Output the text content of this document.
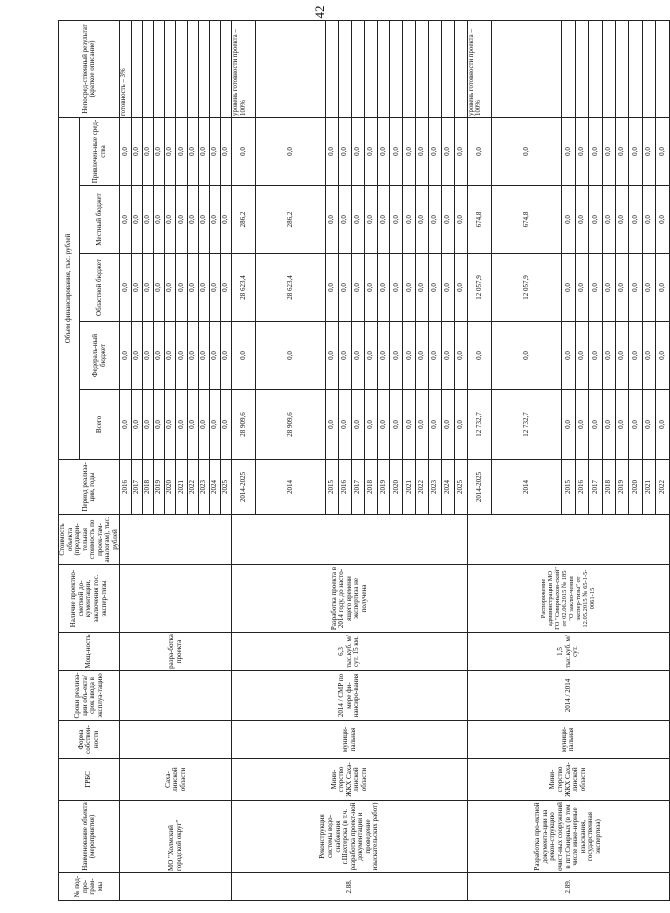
42
№ под-про-грам-мы	Наименование объекта (мероприятия)	ГРБС	Форма собствен-ности	Сроки реализа-ции объ-екта/срок ввода в эксплуа-тацию	Мощ-ность	Наличие проектно-сметной до-кументации, заключения гос. экспер-тизы	Стоимость объекта (предвари-тельная стоимость по проек-там-аналогам), тыс. рублей	Период реализа-ции, годы	Объем финансирования, тыс. рублей					Непосред-ственный результат (краткое описание)
									Всего	Федераль-ный бюджет	Областной бюджет	Местный бюджет	Привлечен-ные сред-ства	
	МО "Холмский городской округ"	Саха-линской области			разра-ботка проекта			2016	0,0	0,0	0,0	0,0	0,0	готовность – 3%
								2017	0,0	0,0	0,0	0,0	0,0	
								2018	0,0	0,0	0,0	0,0	0,0	
								2019	0,0	0,0	0,0	0,0	0,0	
								2020	0,0	0,0	0,0	0,0	0,0	
								2021	0,0	0,0	0,0	0,0	0,0	
								2022	0,0	0,0	0,0	0,0	0,0	
								2023	0,0	0,0	0,0	0,0	0,0	
								2024	0,0	0,0	0,0	0,0	0,0	
								2025	0,0	0,0	0,0	0,0	0,0	
2.88.	Реконструкция системы водо-снабжения г.Шахтерска (в т.ч. разработка проект-ной документации и проведение изыскательских работ)	Мини-стерство ЖКХ Саха-линской области	муници-пальная	2014 / СМР по мере фи-нансиро-вания	6,3 тыс.куб. м/сут. 15 км.	Разработка проекта в 2014 году, до насто-ящего времени экспертиза не получена		2014-2025	28 909,6	0,0	28 623,4	286,2	0,0	уровень готовности проекта – 100%
								2014	28 909,6	0,0	28 623,4	286,2	0,0	
								2015	0,0	0,0	0,0	0,0	0,0	
								2016	0,0	0,0	0,0	0,0	0,0	
								2017	0,0	0,0	0,0	0,0	0,0	
								2018	0,0	0,0	0,0	0,0	0,0	
								2019	0,0	0,0	0,0	0,0	0,0	
								2020	0,0	0,0	0,0	0,0	0,0	
								2021	0,0	0,0	0,0	0,0	0,0	
								2022	0,0	0,0	0,0	0,0	0,0	
								2023	0,0	0,0	0,0	0,0	0,0	
								2024	0,0	0,0	0,0	0,0	0,0	
								2025	0,0	0,0	0,0	0,0	0,0	
2.89.	Разработка про-ектной документа-ции на рекон-струкцию очист-ных сооружений в пгт.Смирных (в том числе инже-нерные изыскания, государственная экспертиза)	Мини-стерство ЖКХ Саха-линской области	муници-пальная	2014 / 2014	1,5 тыс.куб. м/сут.	Распоряжение администрации МО ГО "Смирныхов-ский" от 02.06.2015 № 185 "О заклю-чении экспер-тизы" от 12.05.2015 № 65-1-5-0061-15		2014-2025	12 732,7	0,0	12 057,9	674,8	0,0	уровень готовности проекта – 100%
								2014	12 732,7	0,0	12 057,9	674,8	0,0	
								2015	0,0	0,0	0,0	0,0	0,0	
								2016	0,0	0,0	0,0	0,0	0,0	
								2017	0,0	0,0	0,0	0,0	0,0	
								2018	0,0	0,0	0,0	0,0	0,0	
								2019	0,0	0,0	0,0	0,0	0,0	
								2020	0,0	0,0	0,0	0,0	0,0	
								2021	0,0	0,0	0,0	0,0	0,0	
								2022	0,0	0,0	0,0	0,0	0,0	
